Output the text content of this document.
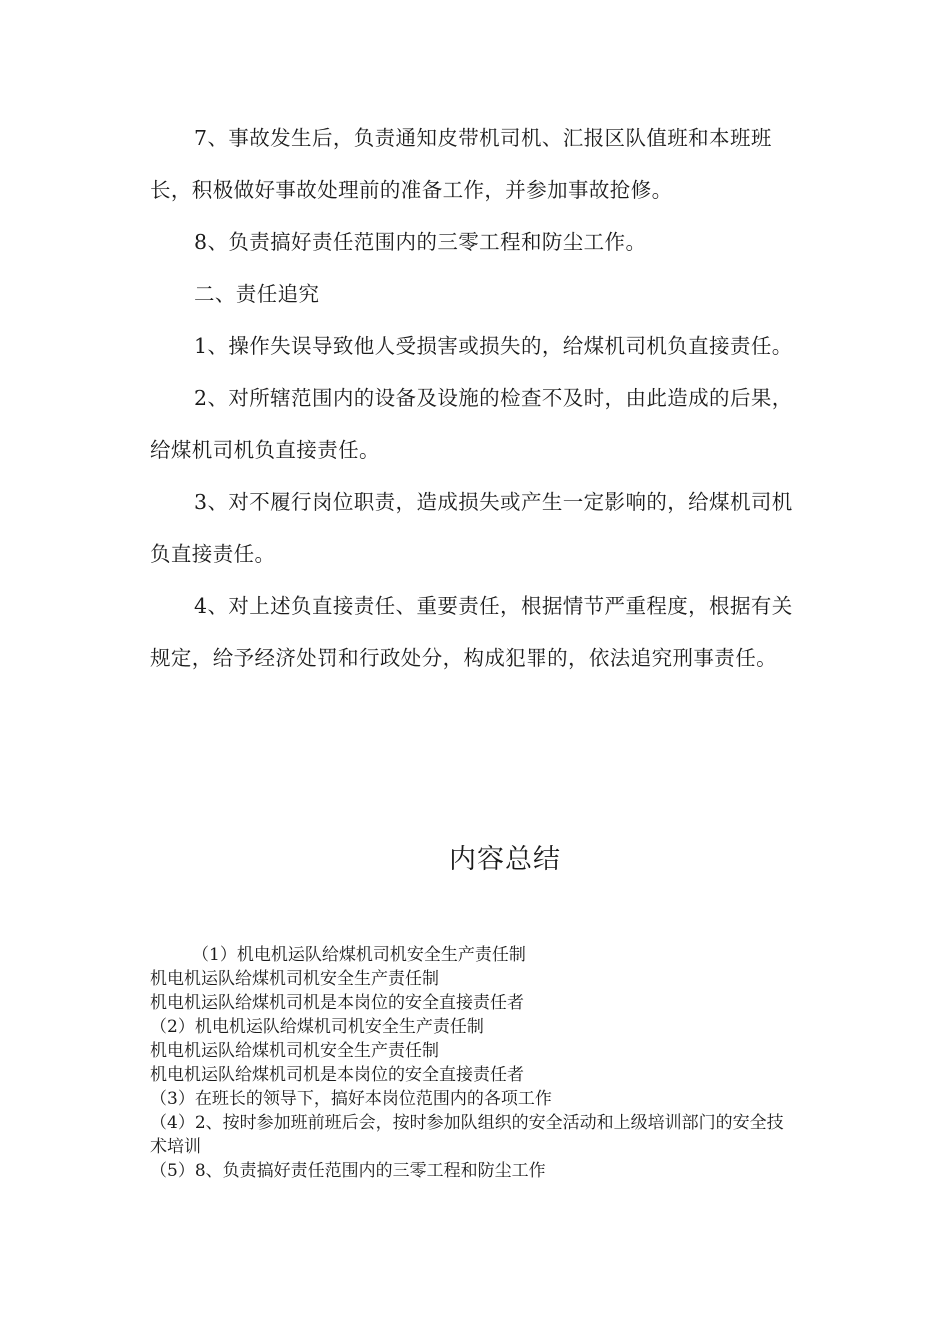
7、事故发生后，负责通知皮带机司机、汇报区队值班和本班班长，积极做好事故处理前的准备工作，并参加事故抢修。

8、负责搞好责任范围内的三零工程和防尘工作。

二、责任追究

1、操作失误导致他人受损害或损失的，给煤机司机负直接责任。

2、对所辖范围内的设备及设施的检查不及时，由此造成的后果，给煤机司机负直接责任。

3、对不履行岗位职责，造成损失或产生一定影响的，给煤机司机负直接责任。

4、对上述负直接责任、重要责任，根据情节严重程度，根据有关规定，给予经济处罚和行政处分，构成犯罪的，依法追究刑事责任。

内容总结
（1）机电机运队给煤机司机安全生产责任制
机电机运队给煤机司机安全生产责任制
机电机运队给煤机司机是本岗位的安全直接责任者
（2）机电机运队给煤机司机安全生产责任制
机电机运队给煤机司机安全生产责任制
机电机运队给煤机司机是本岗位的安全直接责任者
（3）在班长的领导下，搞好本岗位范围内的各项工作
（4）2、按时参加班前班后会，按时参加队组织的安全活动和上级培训部门的安全技术培训
（5）8、负责搞好责任范围内的三零工程和防尘工作
